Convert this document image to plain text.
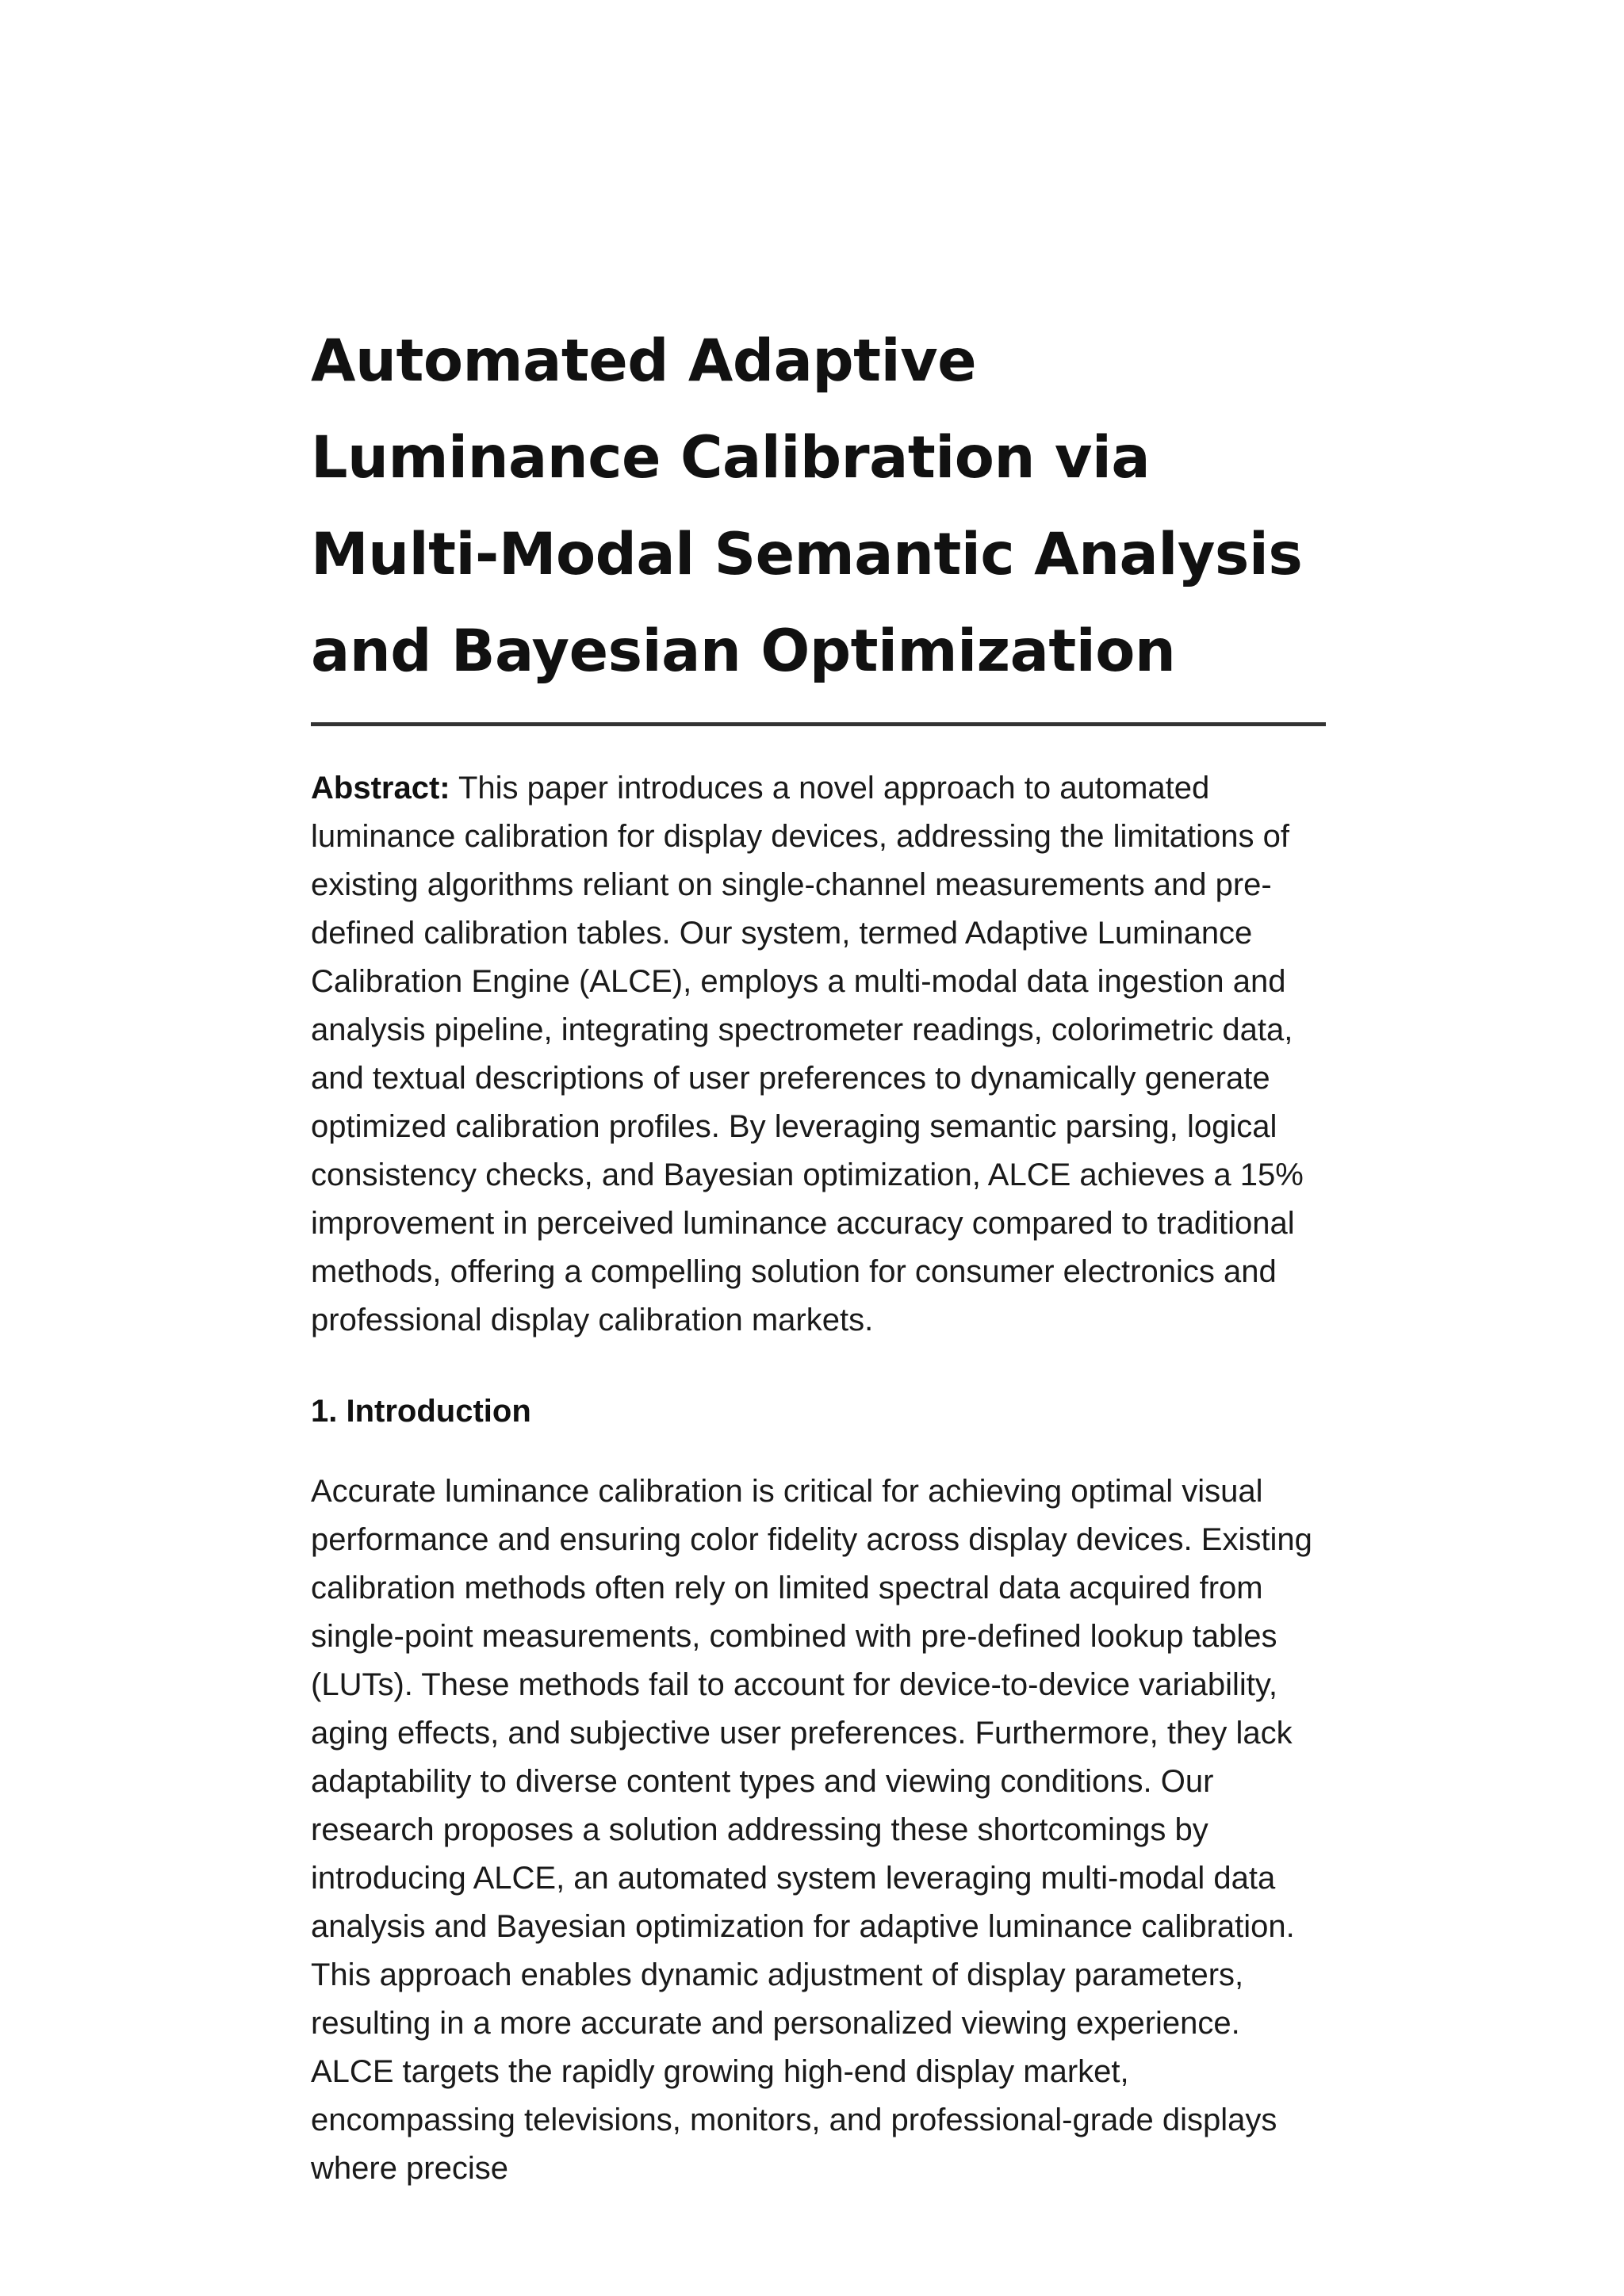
Automated Adaptive Luminance Calibration via Multi-Modal Semantic Analysis and Bayesian Optimization

Abstract: This paper introduces a novel approach to automated luminance calibration for display devices, addressing the limitations of existing algorithms reliant on single-channel measurements and pre-defined calibration tables. Our system, termed Adaptive Luminance Calibration Engine (ALCE), employs a multi-modal data ingestion and analysis pipeline, integrating spectrometer readings, colorimetric data, and textual descriptions of user preferences to dynamically generate optimized calibration profiles. By leveraging semantic parsing, logical consistency checks, and Bayesian optimization, ALCE achieves a 15% improvement in perceived luminance accuracy compared to traditional methods, offering a compelling solution for consumer electronics and professional display calibration markets.

1. Introduction

Accurate luminance calibration is critical for achieving optimal visual performance and ensuring color fidelity across display devices. Existing calibration methods often rely on limited spectral data acquired from single-point measurements, combined with pre-defined lookup tables (LUTs). These methods fail to account for device-to-device variability, aging effects, and subjective user preferences. Furthermore, they lack adaptability to diverse content types and viewing conditions. Our research proposes a solution addressing these shortcomings by introducing ALCE, an automated system leveraging multi-modal data analysis and Bayesian optimization for adaptive luminance calibration. This approach enables dynamic adjustment of display parameters, resulting in a more accurate and personalized viewing experience. ALCE targets the rapidly growing high-end display market, encompassing televisions, monitors, and professional-grade displays where precise
